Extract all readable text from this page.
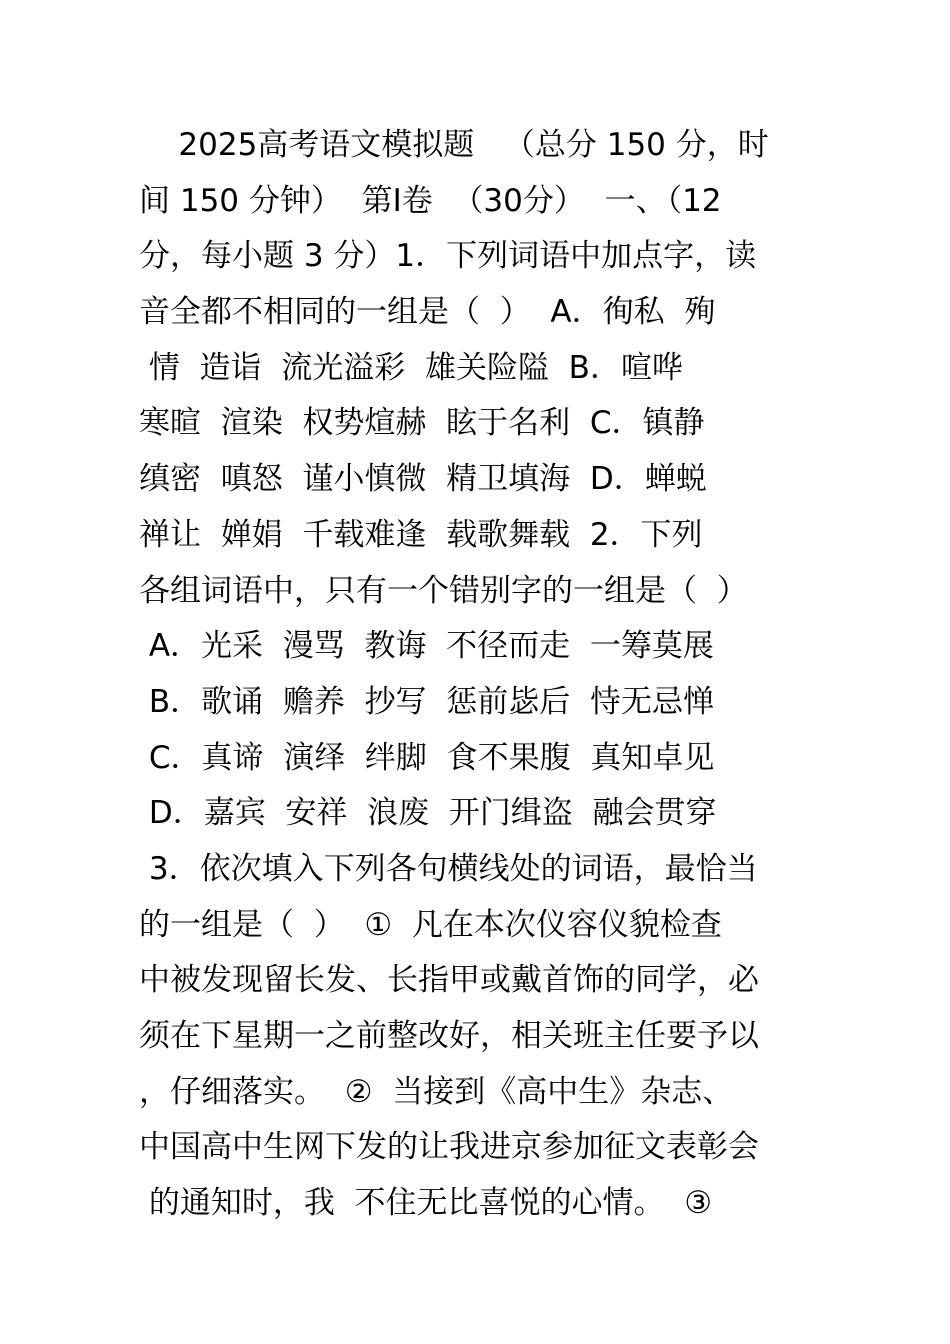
2025高考语文模拟题   （总分 150 分，时
间 150 分钟）  第Ⅰ卷  （30分）  一、（12
分，每小题 3 分）1．下列词语中加点字，读
音全都不相同的一组是（  ）  A．徇私  殉
情  造诣  流光溢彩  雄关险隘  B．喧哗
寒暄  渲染  权势煊赫  眩于名利  C．镇静
缜密  嗔怒  谨小慎微  精卫填海  D．蝉蜕
禅让  婵娟  千载难逢  载歌舞载  2．下列
各组词语中，只有一个错别字的一组是（  ）
A．光采  漫骂  教诲  不径而走  一筹莫展
B．歌诵  赡养  抄写  惩前毖后  恃无忌惮
C．真谛  演绎  绊脚  食不果腹  真知卓见
D．嘉宾  安祥  浪废  开门缉盗  融会贯穿
3．依次填入下列各句横线处的词语，最恰当
的一组是（  ）  ①  凡在本次仪容仪貌检查
中被发现留长发、长指甲或戴首饰的同学，必
须在下星期一之前整改好，相关班主任要予以
，仔细落实。  ②  当接到《高中生》杂志、
中国高中生网下发的让我进京参加征文表彰会
的通知时，我  不住无比喜悦的心情。  ③
